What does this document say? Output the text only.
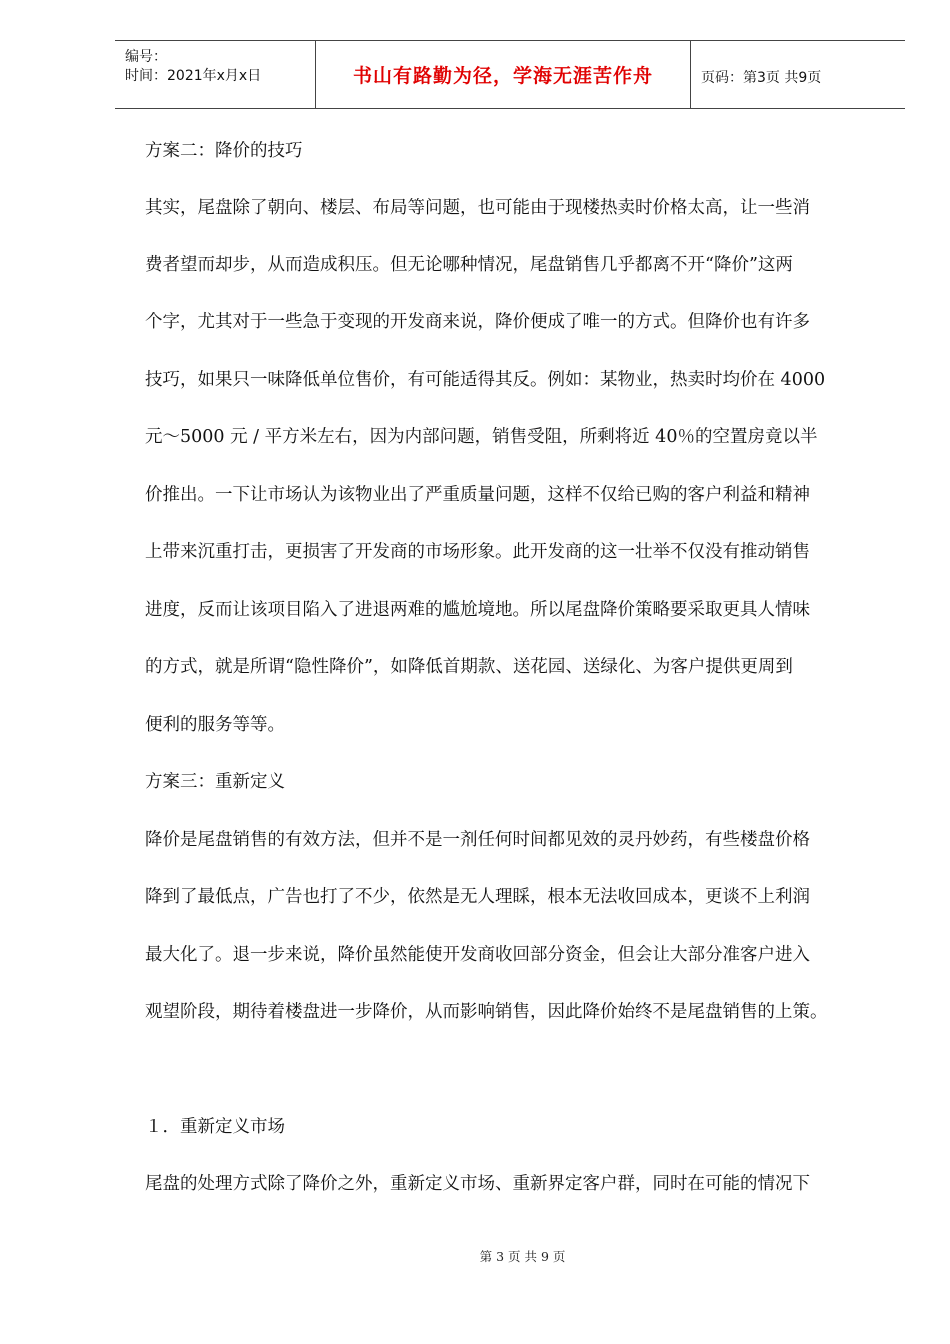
编号：
时间：2021年x月x日	书山有路勤为径，学海无涯苦作舟	页码：第3页 共9页
方案二：降价的技巧
其实，尾盘除了朝向、楼层、布局等问题，也可能由于现楼热卖时价格太高，让一些消
费者望而却步，从而造成积压。但无论哪种情况，尾盘销售几乎都离不开“降价”这两
个字，尤其对于一些急于变现的开发商来说，降价便成了唯一的方式。但降价也有许多
技巧，如果只一味降低单位售价，有可能适得其反。例如：某物业，热卖时均价在 4000
元～5000 元 / 平方米左右，因为内部问题，销售受阻，所剩将近 40％的空置房竟以半
价推出。一下让市场认为该物业出了严重质量问题，这样不仅给已购的客户利益和精神
上带来沉重打击，更损害了开发商的市场形象。此开发商的这一壮举不仅没有推动销售
进度，反而让该项目陷入了进退两难的尴尬境地。所以尾盘降价策略要采取更具人情味
的方式，就是所谓“隐性降价”，如降低首期款、送花园、送绿化、为客户提供更周到
便利的服务等等。
方案三：重新定义
降价是尾盘销售的有效方法，但并不是一剂任何时间都见效的灵丹妙药，有些楼盘价格
降到了最低点，广告也打了不少，依然是无人理睬，根本无法收回成本，更谈不上利润
最大化了。退一步来说，降价虽然能使开发商收回部分资金，但会让大部分准客户进入
观望阶段，期待着楼盘进一步降价，从而影响销售，因此降价始终不是尾盘销售的上策。
１．重新定义市场
尾盘的处理方式除了降价之外，重新定义市场、重新界定客户群，同时在可能的情况下
第 3 页 共 9 页
